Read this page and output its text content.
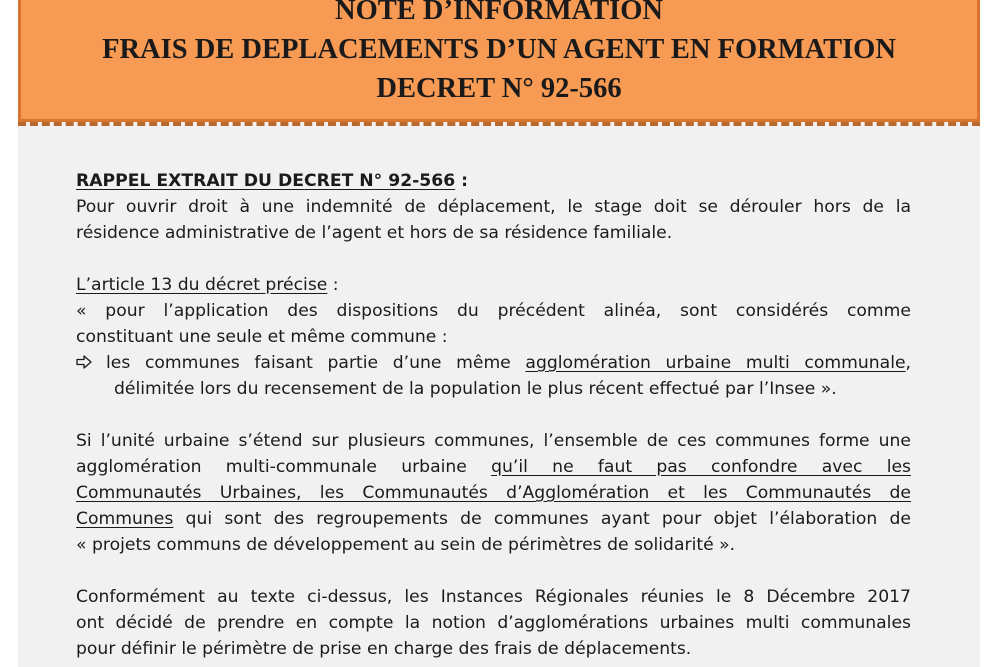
NOTE D’INFORMATION
FRAIS DE DEPLACEMENTS D’UN AGENT EN FORMATION
DECRET N° 92-566

RAPPEL EXTRAIT DU DECRET N° 92-566 :

Pour ouvrir droit à une indemnité de déplacement, le stage doit se dérouler hors de la

résidence administrative de l’agent et hors de sa résidence familiale.

L’article 13 du décret précise :

« pour l’application des dispositions du précédent alinéa, sont considérés comme

constituant une seule et même commune :

les communes faisant partie d’une même agglomération urbaine multi communale,

délimitée lors du recensement de la population le plus récent effectué par l’Insee ».

Si l’unité urbaine s’étend sur plusieurs communes, l’ensemble de ces communes forme une

agglomération multi-communale urbaine qu’il ne faut pas confondre avec les

Communautés Urbaines, les Communautés d’Agglomération et les Communautés de

Communes qui sont des regroupements de communes ayant pour objet l’élaboration de

« projets communs de développement au sein de périmètres de solidarité ».

Conformément au texte ci-dessus, les Instances Régionales réunies le 8 Décembre 2017

ont décidé de prendre en compte la notion d’agglomérations urbaines multi communales

pour définir le périmètre de prise en charge des frais de déplacements.
